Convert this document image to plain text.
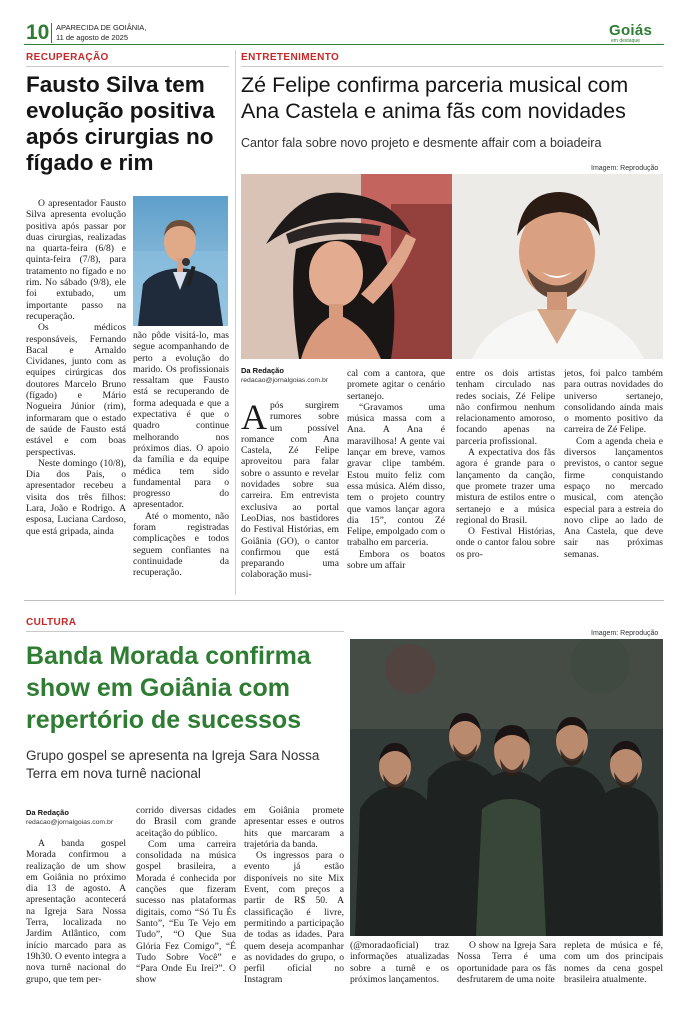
10 APARECIDA DE GOIÂNIA,
11 de agosto de 2025	Goiás
em destaque
RECUPERAÇÃO
Fausto Silva tem evolução positiva após cirurgias no fígado e rim

O apresentador Fausto Silva apresenta evolução positiva após passar por duas cirurgias, realizadas na quarta-feira (6/8) e quinta-feira (7/8), para tratamento no fígado e no rim. No sábado (9/8), ele foi extubado, um importante passo na recuperação.

Os médicos responsáveis, Fernando Bacal e Arnaldo Cividanes, junto com as equipes cirúrgicas dos doutores Marcelo Bruno (fígado) e Mário Nogueira Júnior (rim), informaram que o estado de saúde de Fausto está estável e com boas perspectivas.

Neste domingo (10/8), Dia dos Pais, o apresentador recebeu a visita dos três filhos: Lara, João e Rodrigo. A esposa, Luciana Cardoso, que está gripada, ainda

não pôde visitá-lo, mas segue acompanhando de perto a evolução do marido. Os profissionais ressaltam que Fausto está se recuperando de forma adequada e que a expectativa é que o quadro continue melhorando nos próximos dias. O apoio da família e da equipe médica tem sido fundamental para o progresso do apresentador.

Até o momento, não foram registradas complicações e todos seguem confiantes na continuidade da recuperação.

ENTRETENIMENTO
Zé Felipe confirma parceria musical com Ana Castela e anima fãs com novidades
Cantor fala sobre novo projeto e desmente affair com a boiadeira
Imagem: Reprodução
Da Redação
redacao@jornalgoias.com.br

Após surgirem rumores sobre um possível romance com Ana Castela, Zé Felipe aproveitou para falar sobre o assunto e revelar novidades sobre sua carreira. Em entrevista exclusiva ao portal LeoDias, nos bastidores do Festival Histórias, em Goiânia (GO), o cantor confirmou que está preparando uma colaboração musi-

cal com a cantora, que promete agitar o cenário sertanejo.

“Gravamos uma música massa com a Ana. A Ana é maravilhosa! A gente vai lançar em breve, vamos gravar clipe também. Estou muito feliz com essa música. Além disso, tem o projeto country que vamos lançar agora dia 15”, contou Zé Felipe, empolgado com o trabalho em parceria.

Embora os boatos sobre um affair

entre os dois artistas tenham circulado nas redes sociais, Zé Felipe não confirmou nenhum relacionamento amoroso, focando apenas na parceria profissional.

A expectativa dos fãs agora é grande para o lançamento da canção, que promete trazer uma mistura de estilos entre o sertanejo e a música regional do Brasil.

O Festival Histórias, onde o cantor falou sobre os pro-

jetos, foi palco também para outras novidades do universo sertanejo, consolidando ainda mais o momento positivo da carreira de Zé Felipe.

Com a agenda cheia e diversos lançamentos previstos, o cantor segue firme conquistando espaço no mercado musical, com atenção especial para a estreia do novo clipe ao lado de Ana Castela, que deve sair nas próximas semanas.

CULTURA
Imagem: Reprodução
Banda Morada confirma show em Goiânia com repertório de sucessos
Grupo gospel se apresenta na Igreja Sara Nossa Terra em nova turnê nacional
Da Redação
redacao@jornalgoias.com.br

A banda gospel Morada confirmou a realização de um show em Goiânia no próximo dia 13 de agosto. A apresentação acontecerá na Igreja Sara Nossa Terra, localizada no Jardim Atlântico, com início marcado para as 19h30. O evento integra a nova turnê nacional do grupo, que tem per-

corrido diversas cidades do Brasil com grande aceitação do público.

Com uma carreira consolidada na música gospel brasileira, a Morada é conhecida por canções que fizeram sucesso nas plataformas digitais, como “Só Tu És Santo”, “Eu Te Vejo em Tudo”, “O Que Sua Glória Fez Comigo”, “É Tudo Sobre Você” e “Para Onde Eu Irei?”. O show

em Goiânia promete apresentar esses e outros hits que marcaram a trajetória da banda.

Os ingressos para o evento já estão disponíveis no site Mix Event, com preços a partir de R$ 50. A classificação é livre, permitindo a participação de todas as idades. Para quem deseja acompanhar as novidades do grupo, o perfil oficial no Instagram

(@moradaoficial) traz informações atualizadas sobre a turnê e os próximos lançamentos.

O show na Igreja Sara Nossa Terra é uma oportunidade para os fãs desfrutarem de uma noite

repleta de música e fé, com um dos principais nomes da cena gospel brasileira atualmente.
